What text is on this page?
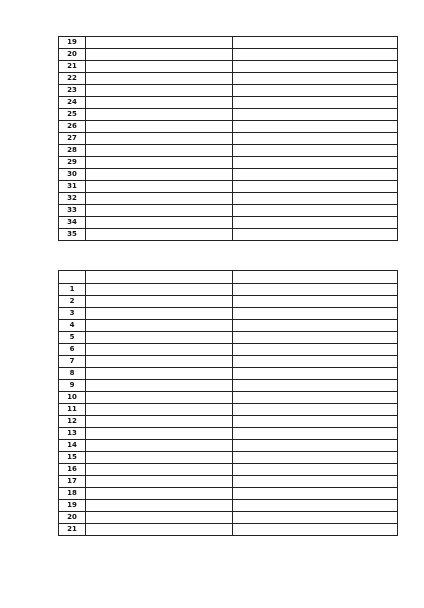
19		
20		
21		
22		
23		
24		
25		
26		
27		
28		
29		
30		
31		
32		
33		
34		
35		

1		
2		
3		
4		
5		
6		
7		
8		
9		
10		
11		
12		
13		
14		
15		
16		
17		
18		
19		
20		
21		
